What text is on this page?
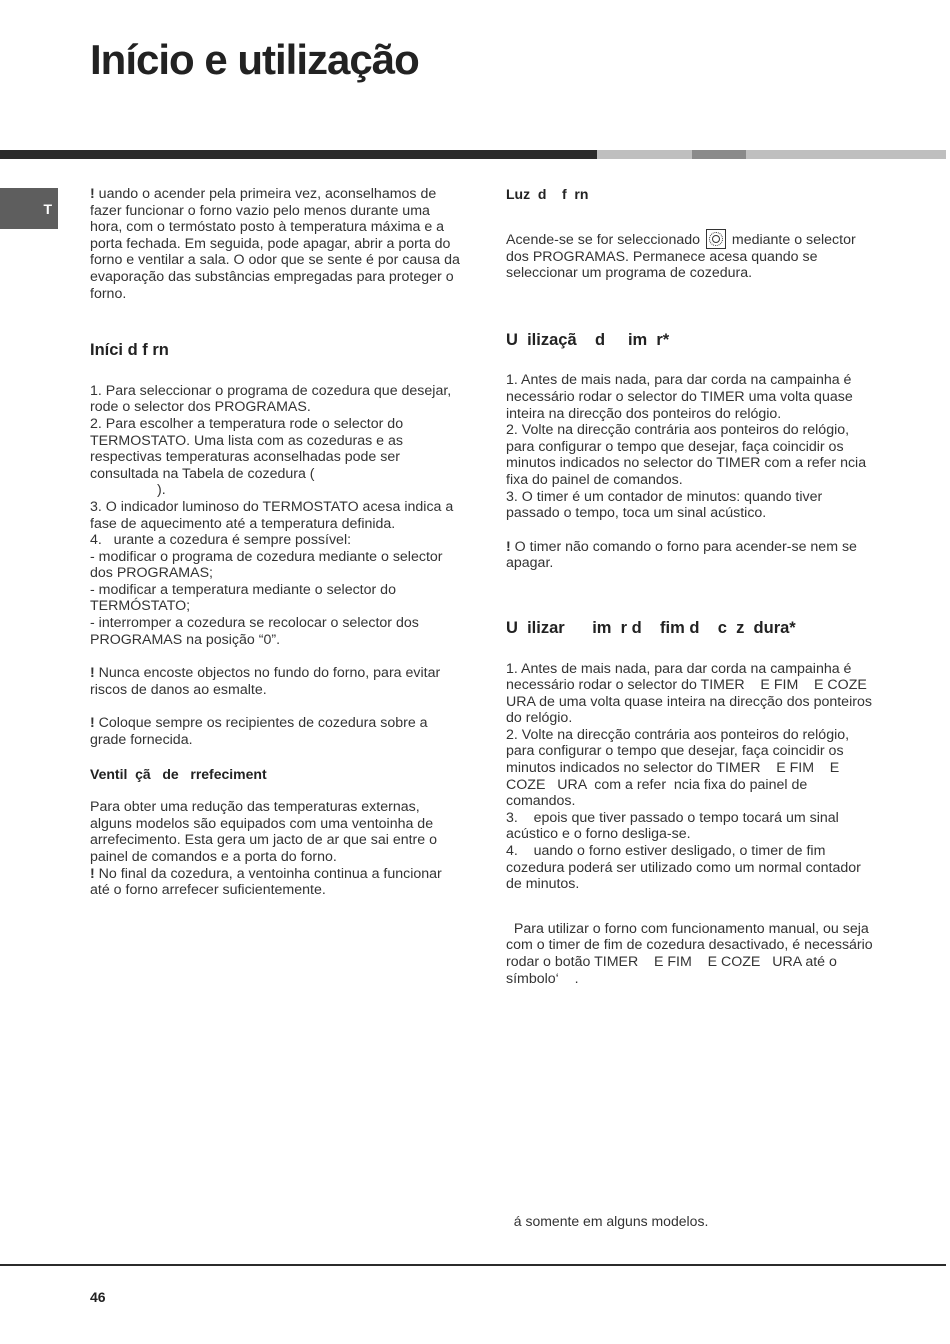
Início e utilização
T

! uando o acender pela primeira vez, aconselhamos de fazer funcionar o forno vazio pelo menos durante uma hora, com o termóstato posto à temperatura máxima e a porta fechada. Em seguida, pode apagar, abrir a porta do forno e ventilar a sala. O odor que se sente é por causa da evaporação das substâncias empregadas para proteger o forno.

Iníci d f rn

1. Para seleccionar o programa de cozedura que desejar, rode o selector dos PROGRAMAS.

2. Para escolher a temperatura rode o selector do TERMOSTATO. Uma lista com as cozeduras e as respectivas temperaturas aconselhadas pode ser consultada na Tabela de cozedura (

).

3. O indicador luminoso do TERMOSTATO acesa indica a fase de aquecimento até a temperatura definida.

4.   urante a cozedura é sempre possível:

- modificar o programa de cozedura mediante o selector dos PROGRAMAS;

- modificar a temperatura mediante o selector do TERMÓSTATO;

- interromper a cozedura se recolocar o selector dos PROGRAMAS na posição “0”.

! Nunca encoste objectos no fundo do forno, para evitar riscos de danos ao esmalte.

! Coloque sempre os recipientes de cozedura sobre a grade fornecida.

Ventil  çã   de   rrefeciment

Para obter uma redução das temperaturas externas, alguns modelos são equipados com uma ventoinha de arrefecimento. Esta gera um jacto de ar que sai entre o painel de comandos e a porta do forno.

! No final da cozedura, a ventoinha continua a funcionar até o forno arrefecer suficientemente.

Luz  d    f  rn

Acende-se se for seleccionado  mediante o selector dos PROGRAMAS. Permanece acesa quando se seleccionar um programa de cozedura.

U  ilizaçã    d     im  r*

1. Antes de mais nada, para dar corda na campainha é necessário rodar o selector do TIMER uma volta quase inteira na direcção dos ponteiros do relógio.

2. Volte na direcção contrária aos ponteiros do relógio, para configurar o tempo que desejar, faça coincidir os minutos indicados no selector do TIMER com a refer ncia fixa do painel de comandos.

3. O timer é um contador de minutos: quando tiver passado o tempo, toca um sinal acústico.

! O timer não comando o forno para acender-se nem se apagar.

U  ilizar      im  r d    fim d    c  z  dura*

1. Antes de mais nada, para dar corda na campainha é necessário rodar o selector do TIMER    E FIM    E COZE   URA de uma volta quase inteira na direcção dos ponteiros do relógio.

2. Volte na direcção contrária aos ponteiros do relógio, para configurar o tempo que desejar, faça coincidir os minutos indicados no selector do TIMER    E FIM    E COZE   URA  com a refer  ncia fixa do painel de comandos.

3.    epois que tiver passado o tempo tocará um sinal acústico e o forno desliga-se.

4.    uando o forno estiver desligado, o timer de fim cozedura poderá ser utilizado como um normal contador de minutos.

Para utilizar o forno com funcionamento manual, ou seja com o timer de fim de cozedura desactivado, é necessário rodar o botão TIMER    E FIM    E COZE   URA até o símbolo‘    .

á somente em alguns modelos.
46
